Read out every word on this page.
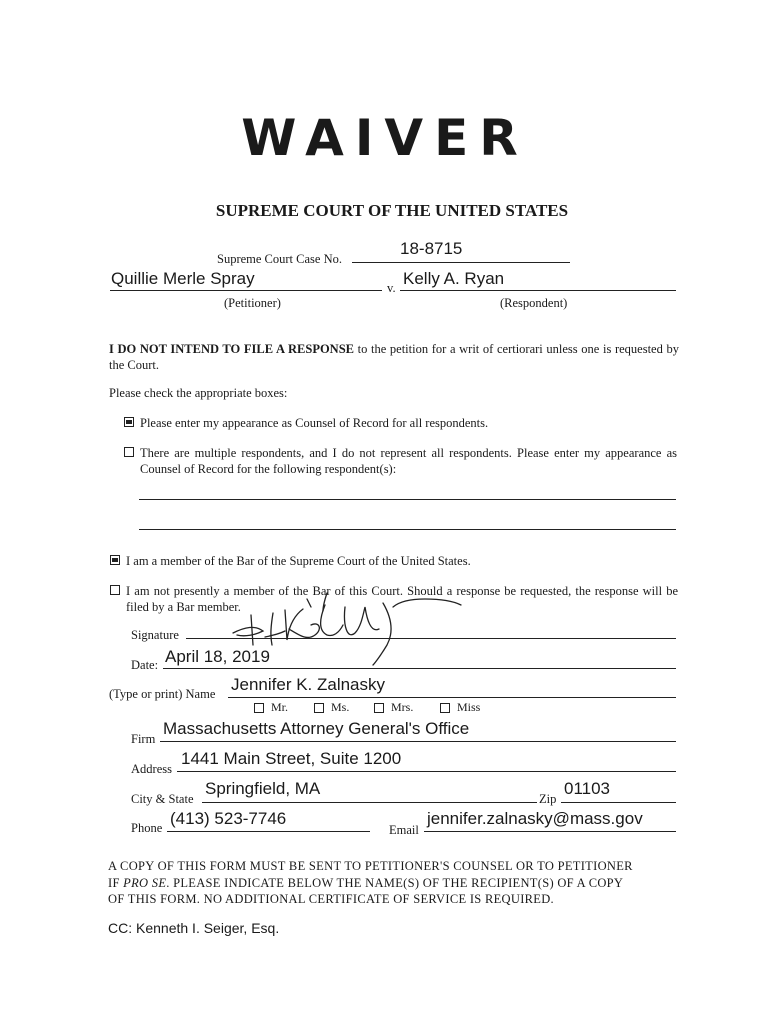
WAIVER
SUPREME COURT OF THE UNITED STATES
Supreme Court Case No.
18-8715
Quillie Merle Spray	v. Kelly A. Ryan
(Petitioner)	(Respondent)
I DO NOT INTEND TO FILE A RESPONSE to the petition for a writ of certiorari unless one is requested by the Court.
Please check the appropriate boxes:
Please enter my appearance as Counsel of Record for all respondents.
There are multiple respondents, and I do not represent all respondents. Please enter my appearance as Counsel of Record for the following respondent(s):
I am a member of the Bar of the Supreme Court of the United States.
I am not presently a member of the Bar of this Court. Should a response be requested, the response will be filed by a Bar member.
Signature
Date: April 18, 2019
(Type or print) Name Jennifer K. Zalnasky
Mr.	Ms.	Mrs.	Miss
Firm
Massachusetts Attorney General's Office
Address
1441 Main Street, Suite 1200
City & State
Springfield, MA
Zip
01103
Phone (413) 523-7746
Email
jennifer.zalnasky@mass.gov
A COPY OF THIS FORM MUST BE SENT TO PETITIONER'S COUNSEL OR TO PETITIONER
IF PRO SE. PLEASE INDICATE BELOW THE NAME(S) OF THE RECIPIENT(S) OF A COPY
OF THIS FORM. NO ADDITIONAL CERTIFICATE OF SERVICE IS REQUIRED.
CC: Kenneth I. Seiger, Esq.
